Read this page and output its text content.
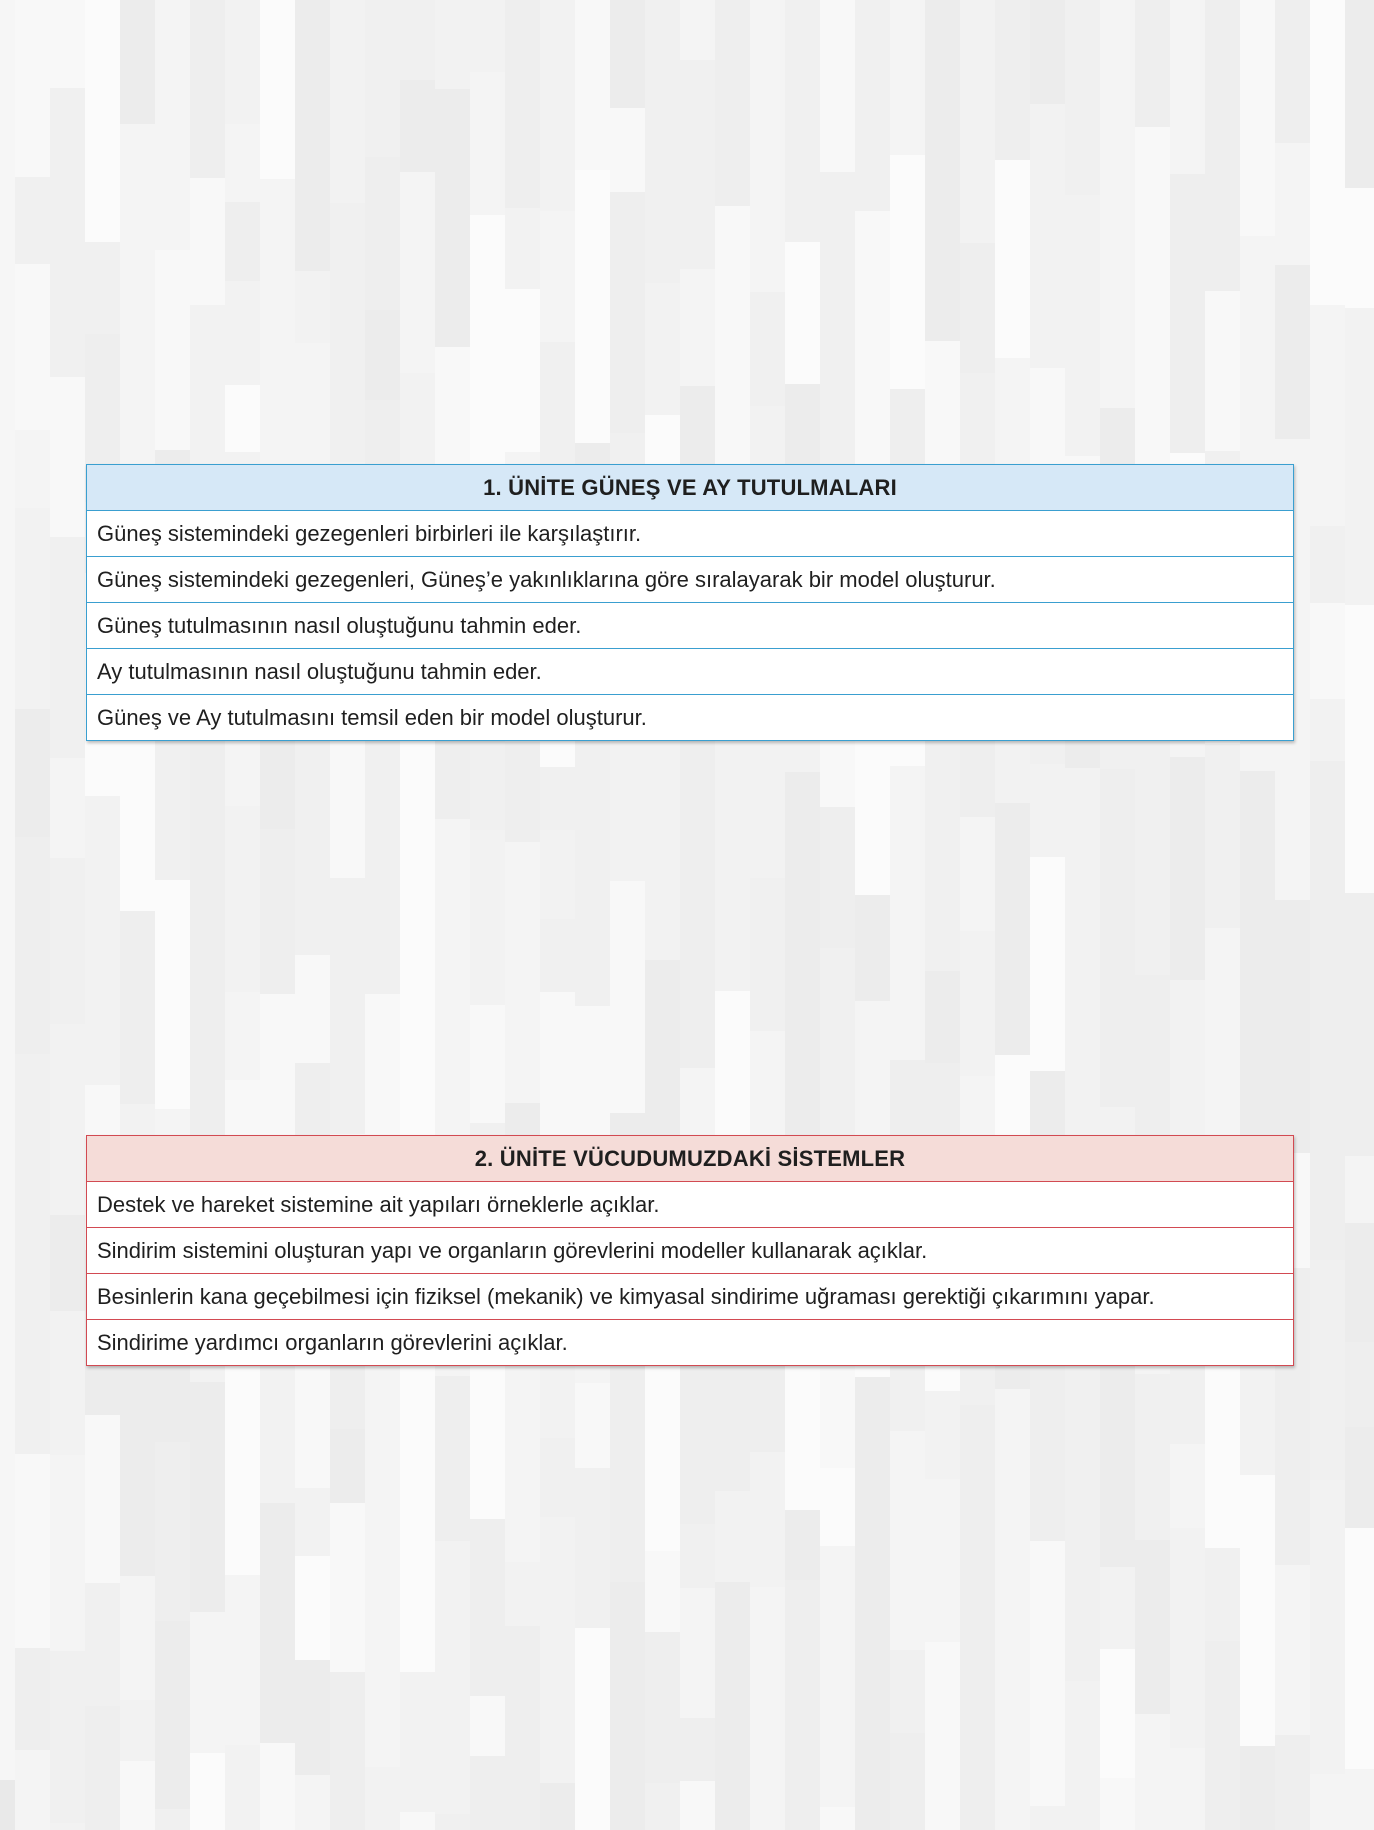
1. ÜNİTE GÜNEŞ VE AY TUTULMALARI
Güneş sistemindeki gezegenleri birbirleri ile karşılaştırır.
Güneş sistemindeki gezegenleri, Güneş’e yakınlıklarına göre sıralayarak bir model oluşturur.
Güneş tutulmasının nasıl oluştuğunu tahmin eder.
Ay tutulmasının nasıl oluştuğunu tahmin eder.
Güneş ve Ay tutulmasını temsil eden bir model oluşturur.
2. ÜNİTE VÜCUDUMUZDAKİ SİSTEMLER
Destek ve hareket sistemine ait yapıları örneklerle açıklar.
Sindirim sistemini oluşturan yapı ve organların görevlerini modeller kullanarak açıklar.
Besinlerin kana geçebilmesi için fiziksel (mekanik) ve kimyasal sindirime uğraması gerektiği çıkarımını yapar.
Sindirime yardımcı organların görevlerini açıklar.
